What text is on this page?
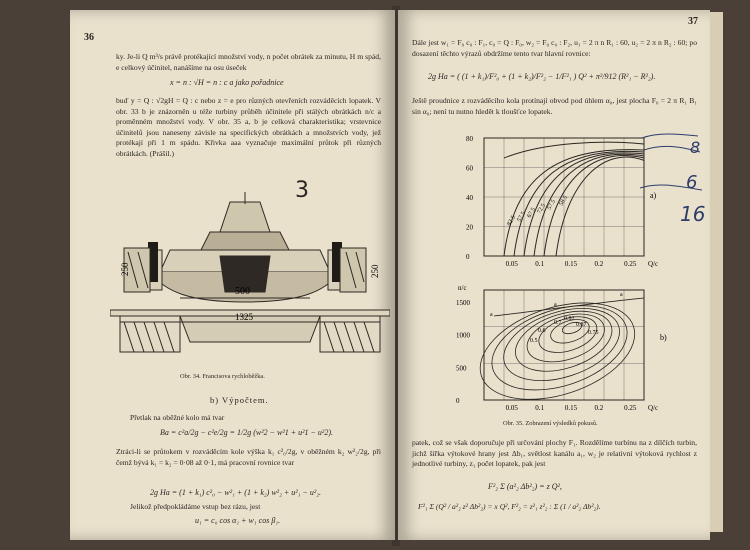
36
ky. Je-li Q m³/s právě protékající množství vody, n počet obrátek za minutu, H m spád, e celkový účinitel, nanášíme na osu úseček
x = n : √H = n : c a jako pořadnice
buď y = Q : √2gH = Q : c nebo z = e pro různých otevřeních rozváděcích lopatek. V obr. 33 b je znázorněn u téže turbiny průběh účinitele při stálých obrátkách n/c a proměnném množství vody. V obr. 35 a, b je celková charakteristika; vrstevnice účinitelů jsou naneseny závisle na specifických obrátkách a množstvích vody, jež protékají při 1 m spádu. Křivka aaa vyznačuje maximální průtok při různých obrátkách. (Prášil.)
3
250	250
500
1325
Obr. 34. Francisova rychloběžka.
b) Výpočtem.
Přetlak na oběžné kolo má tvar
Ba = c²a/2g − c²e/2g = 1/2g (w²2 − w²1 + u²1 − u²2).
Ztráci-li se průtokem v rozváděcím kole výška k₁ c²₀/2g, v oběžném k₂ w²₂/2g, při čemž bývá k₁ = k₂ = 0·08 až 0·1, má pracovní rovnice tvar
2g Ha = (1 + k₁) c²₀ − w²₁ + (1 + k₂) w²₂ + u²₁ − u²₂.
Jelikož předpokládáme vstup bez rázu, jest
u₁ = c₀ cos α₁ + w₁ cos β₁.
37
Dále jest w₁ = F₀ c₀ : F₁, c₀ = Q : F₀, w₂ = F₀ c₀ : F₂, u₁ = 2 π n R₁ : 60, u₂ = 2 π n R₂ : 60; po dosazení těchto výrazů obdržíme tento tvar hlavní rovnice:
2g Ha = ( (1 + k₁)/F²₀ + (1 + k₂)/F²₂ − 1/F²₁ ) Q² + π²/912 (R²₁ − R²₂).
Ještě proudnice z rozváděcího kola protínají obvod pod úhlem α₀, jest plocha F₀ = 2 π R₁ B₁ sin α₀; není tu nutno hledět k tloušťce lopatek.
80
60
40
20
0
0.05 0.1	0.15 0.2	0.25 Q/c
a)
82.5 57.5 67.5 72.5 57.5 58.5
n/c
1500
1000
500
0
0.05 0.1	0.15 0.2	0.25 Q/c
b)
0.5
0.6
0.7
0.75
0.82
0.87
a
a
a
Obr. 35. Zobrazení výsledků pokusů.
patek, což se však doporučuje při určování plochy F₁. Rozdělíme turbínu na z dílčích turbin, jichž šířka výtokové hrany jest Δb₁, světlost kanálu a₁, w₂ je relativní výtoková rychlost z jednotlivé turbiny, z₁ počet lopatek, pak jest
F²₂ Σ (a²₂ Δb²₂) = z Q²,
F²₁ Σ (Q² / a²₂ z² Δb²₂) = x Q², F²₂ = z²₁ z²₂ : Σ (1 / a²₂ Δb²₂).
8
6
16
